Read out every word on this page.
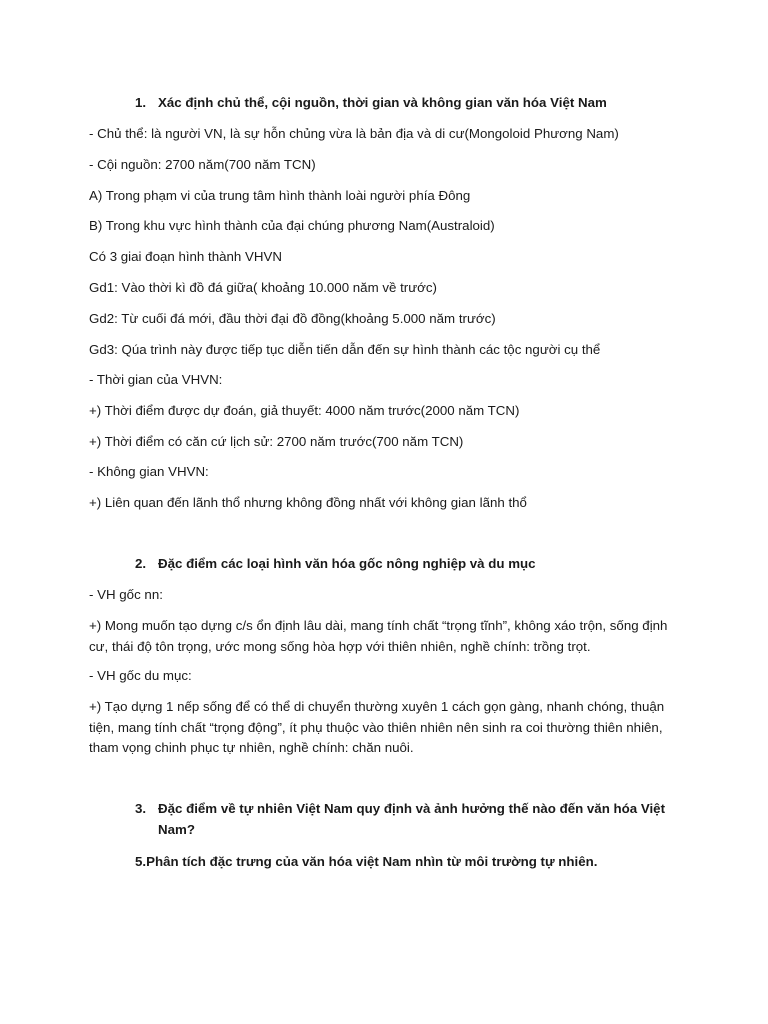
1. Xác định chủ thể, cội nguồn, thời gian và không gian văn hóa Việt Nam
- Chủ thể: là người VN, là sự hỗn chủng vừa là bản địa và di cư(Mongoloid Phương Nam)
- Cội nguồn: 2700 năm(700 năm TCN)
A) Trong phạm vi của trung tâm hình thành loài người phía Đông
B) Trong khu vực hình thành của đại chúng phương Nam(Australoid)
Có 3 giai đoạn hình thành VHVN
Gd1: Vào thời kì đồ đá giữa( khoảng 10.000 năm về trước)
Gd2: Từ cuối đá mới, đầu thời đại đồ đồng(khoảng 5.000 năm trước)
Gd3: Qúa trình này được tiếp tục diễn tiến dẫn đến sự hình thành các tộc người cụ thể
- Thời gian của VHVN:
+) Thời điểm được dự đoán, giả thuyết: 4000 năm trước(2000 năm TCN)
+) Thời điểm có căn cứ lịch sử: 2700 năm trước(700 năm TCN)
- Không gian VHVN:
+) Liên quan đến lãnh thổ nhưng không đồng nhất với không gian lãnh thổ
2. Đặc điểm các loại hình văn hóa gốc nông nghiệp và du mục
- VH gốc nn:
+) Mong muốn tạo dựng c/s ổn định lâu dài, mang tính chất “trọng tĩnh”, không xáo trộn, sống định cư, thái độ tôn trọng, ước mong sống hòa hợp với thiên nhiên, nghề chính: trồng trọt.
- VH gốc du mục:
+) Tạo dựng 1 nếp sống để có thể di chuyển thường xuyên 1 cách gọn gàng, nhanh chóng, thuận tiện, mang tính chất “trọng động”, ít phụ thuộc vào thiên nhiên nên sinh ra coi thường thiên nhiên, tham vọng chinh phục tự nhiên, nghề chính: chăn nuôi.
3. Đặc điểm về tự nhiên Việt Nam quy định và ảnh hưởng thế nào đến văn hóa Việt Nam?
5.Phân tích đặc trưng của văn hóa việt Nam nhìn từ môi trường tự nhiên.
